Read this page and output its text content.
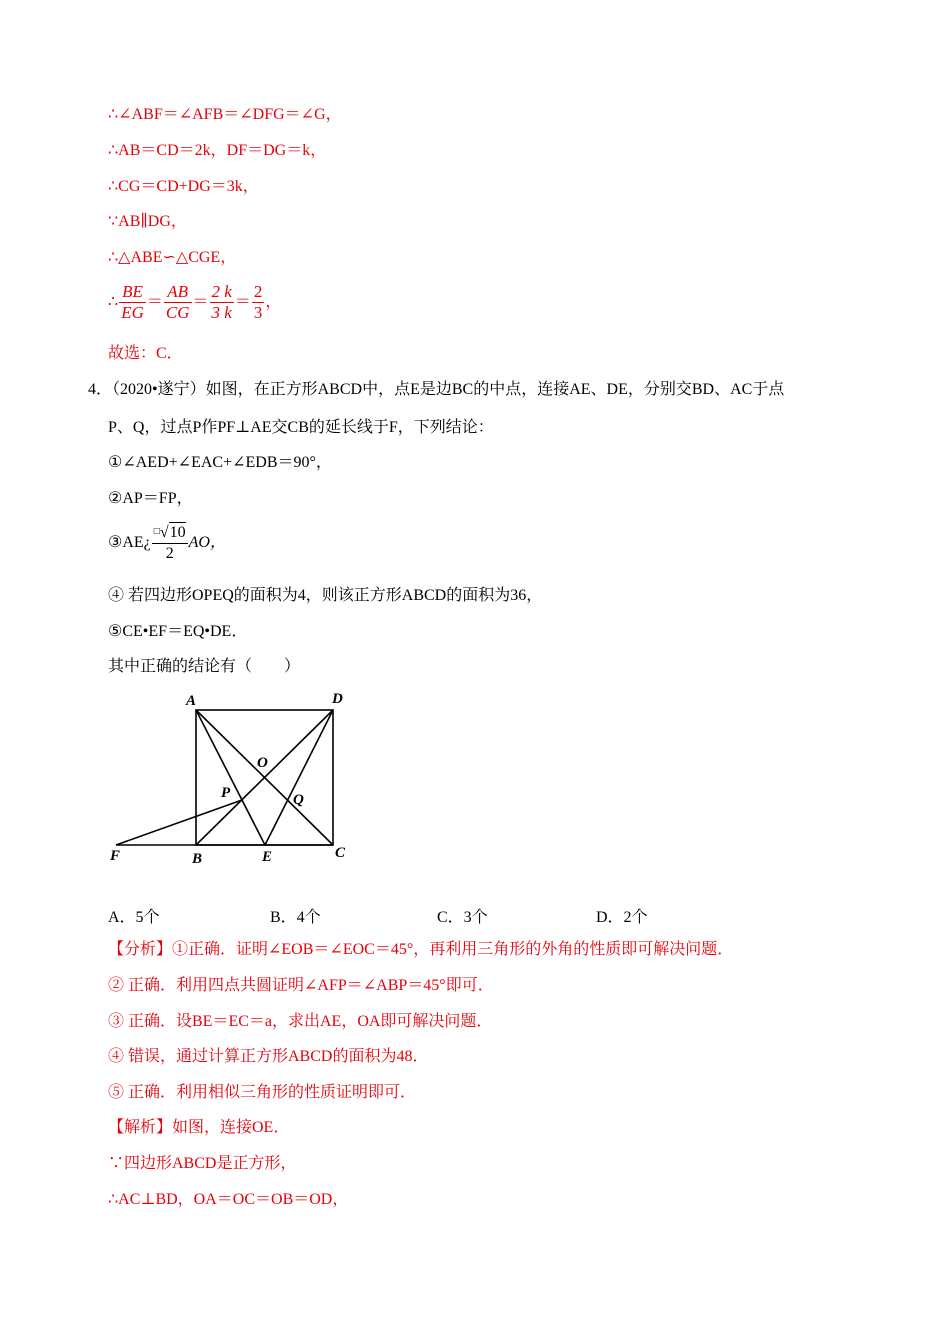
∴∠ABF＝∠AFB＝∠DFG＝∠G，
∴AB＝CD＝2k，DF＝DG＝k，
∴CG＝CD+DG＝3k，
∵AB∥DG，
∴△ABE∽△CGE，
∴ $\frac{BE}{EG} = \frac{AB}{CG} = \frac{2 k}{3 k} = \frac{2}{3}$ ，
故选：C．
4．（2020•遂宁）如图，在正方形ABCD中，点E是边BC的中点，连接AE、DE，分别交BD、AC于点
P、Q，过点P作PF⊥AE交CB的延长线于F，下列结论：
①∠AED+∠EAC+∠EDB＝90°，
②AP＝FP，
③AE¿ $\frac{^□√10}{2}$ AO，
④ 若四边形OPEQ的面积为4，则该正方形ABCD的面积为36，
⑤CE•EF＝EQ•DE．
其中正确的结论有（　　）
A	D
O
P	Q
F	B	E	C
A．5个	B．4个	C．3个	D．2个
【分析】①正确．证明∠EOB＝∠EOC＝45°，再利用三角形的外角的性质即可解决问题．
② 正确．利用四点共圆证明∠AFP＝∠ABP＝45°即可．
③ 正确．设BE＝EC＝a，求出AE，OA即可解决问题．
④ 错误，通过计算正方形ABCD的面积为48．
⑤ 正确．利用相似三角形的性质证明即可．
【解析】如图，连接OE．
∵四边形ABCD是正方形，
∴AC⊥BD，OA＝OC＝OB＝OD，
